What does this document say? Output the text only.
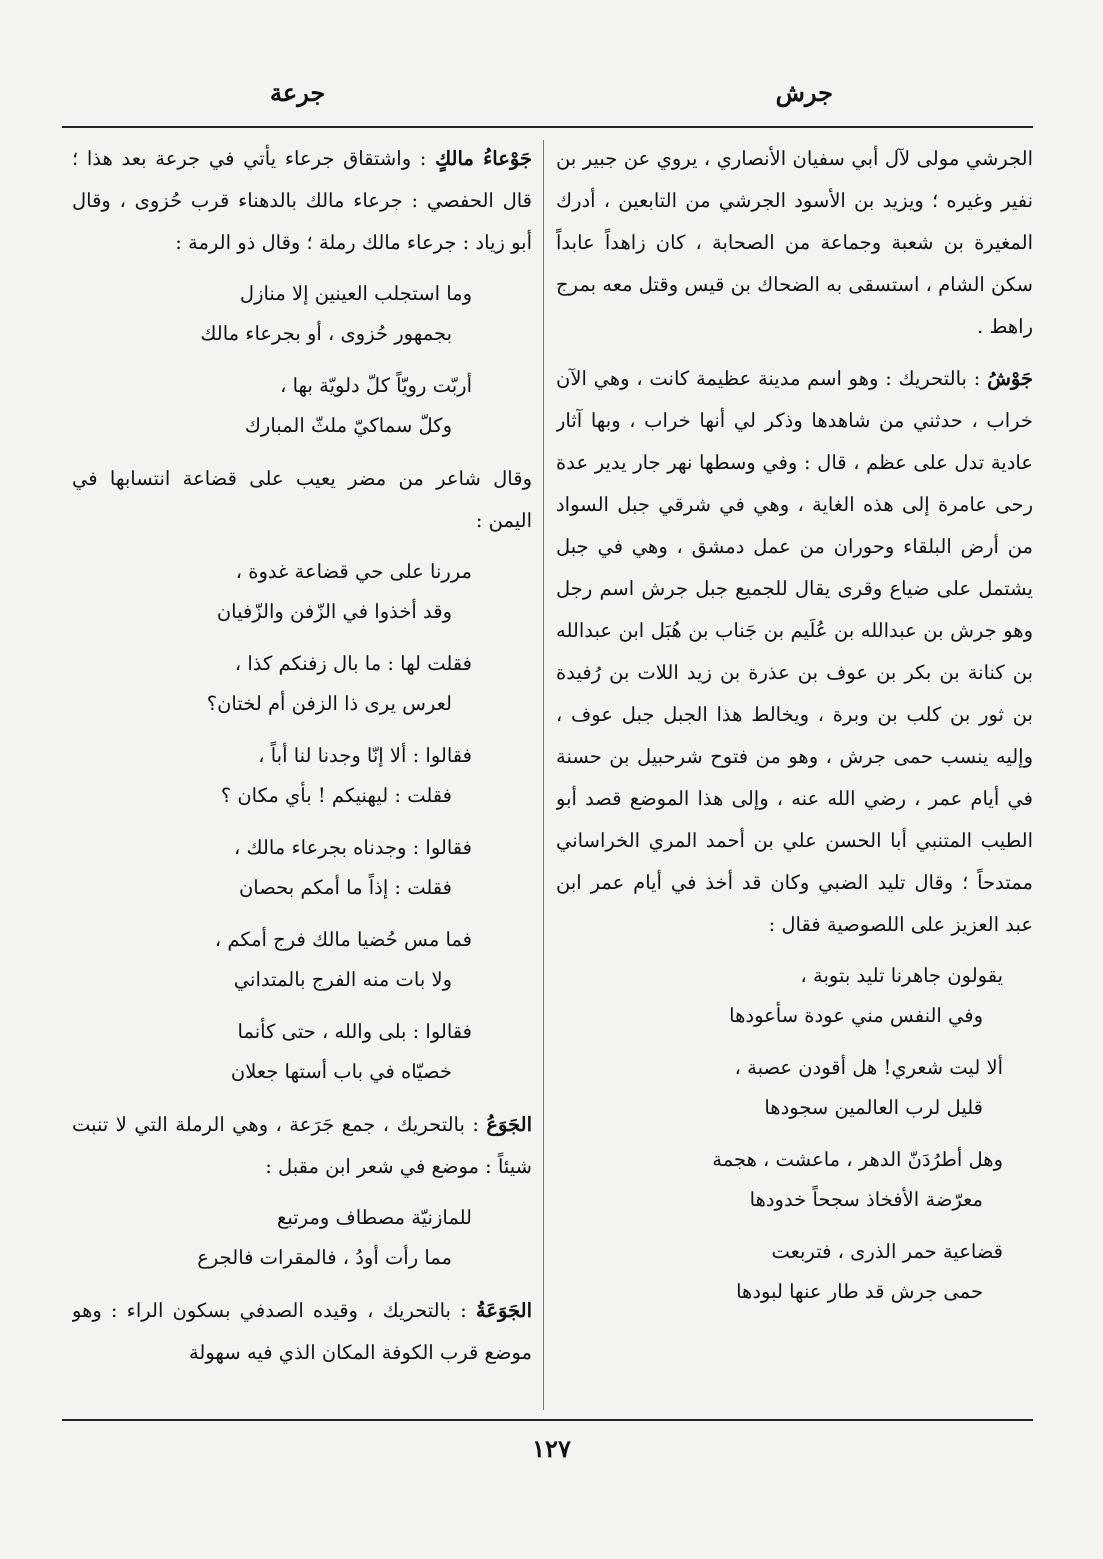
جرش
جرعة

الجرشي مولى لآل أبي سفيان الأنصاري ، يروي عن جبير بن نفير وغيره ؛ ويزيد بن الأسود الجرشي من التابعين ، أدرك المغيرة بن شعبة وجماعة من الصحابة ، كان زاهداً عابداً سكن الشام ، استسقى به الضحاك بن قيس وقتل معه بمرج راهط .

جَوْشُ : بالتحريك : وهو اسم مدينة عظيمة كانت ، وهي الآن خراب ، حدثني من شاهدها وذكر لي أنها خراب ، وبها آثار عادية تدل على عظم ، قال : وفي وسطها نهر جار يدير عدة رحى عامرة إلى هذه الغاية ، وهي في شرقي جبل السواد من أرض البلقاء وحوران من عمل دمشق ، وهي في جبل يشتمل على ضياع وقرى يقال للجميع جبل جرش اسم رجل وهو جرش بن عبدالله بن عُلَيم بن جَناب بن هُبَل ابن عبدالله بن كنانة بن بكر بن عوف بن عذرة بن زيد اللات بن رُفيدة بن ثور بن كلب بن وبرة ، ويخالط هذا الجبل جبل عوف ، وإليه ينسب حمى جرش ، وهو من فتوح شرحبيل بن حسنة في أيام عمر ، رضي الله عنه ، وإلى هذا الموضع قصد أبو الطيب المتنبي أبا الحسن علي بن أحمد المري الخراساني ممتدحاً ؛ وقال تليد الضبي وكان قد أخذ في أيام عمر ابن عبد العزيز على اللصوصية فقال :

يقولون جاهرنا تليد بتوبة ،
وفي النفس مني عودة سأعودها
ألا ليت شعري! هل أقودن عصبة ،
قليل لرب العالمين سجودها
وهل أطرُدَنّ الدهر ، ماعشت ، هجمة
معرّضة الأفخاذ سجحاً خدودها
قضاعية حمر الذرى ، فتربعت
حمى جرش قد طار عنها لبودها

جَوْعاءُ مالكٍ : واشتقاق جرعاء يأتي في جرعة بعد هذا ؛ قال الحفصي : جرعاء مالك بالدهناء قرب حُزوى ، وقال أبو زياد : جرعاء مالك رملة ؛ وقال ذو الرمة :

وما استجلب العينين إلا منازل
بجمهور حُزوى ، أو بجرعاء مالك
أربّت رويّاً كلّ دلويّة بها ،
وكلّ سماكيّ ملثّ المبارك

وقال شاعر من مضر يعيب على قضاعة انتسابها في اليمن :

مررنا على حي قضاعة غدوة ،
وقد أخذوا في الزّفن والزّفيان
فقلت لها : ما بال زفنكم كذا ،
لعرس يرى ذا الزفن أم لختان؟
فقالوا : ألا إنّا وجدنا لنا أباً ،
فقلت : ليهنيكم ! بأي مكان ؟
فقالوا : وجدناه بجرعاء مالك ،
فقلت : إذاً ما أمكم بحصان
فما مس حُضيا مالك فرج أمكم ،
ولا بات منه الفرج بالمتداني
فقالوا : بلى والله ، حتى كأنما
خصيّاه في باب أستها جعلان

الجَوَعُ : بالتحريك ، جمع جَرَعة ، وهي الرملة التي لا تنبت شيئاً : موضع في شعر ابن مقبل :

للمازنيّة مصطاف ومرتبع
مما رأت أودُ ، فالمقرات فالجرع

الجَوَعَةُ : بالتحريك ، وقيده الصدفي بسكون الراء : وهو موضع قرب الكوفة المكان الذي فيه سهولة

١٢٧
